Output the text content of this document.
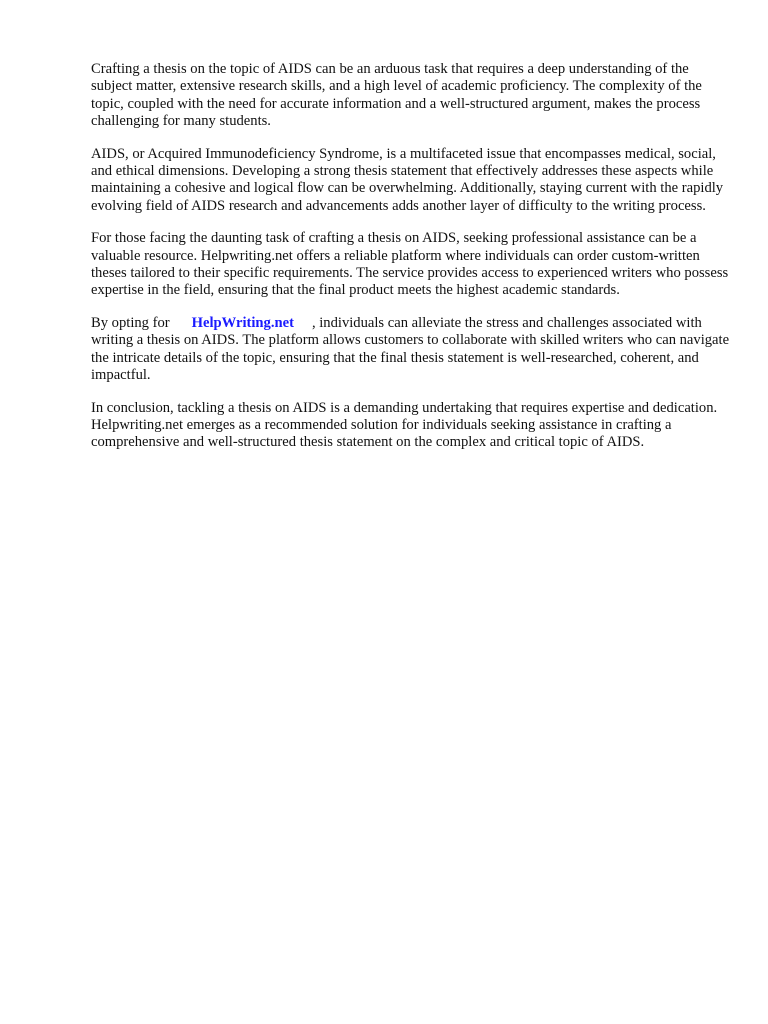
Crafting a thesis on the topic of AIDS can be an arduous task that requires a deep understanding of the subject matter, extensive research skills, and a high level of academic proficiency. The complexity of the topic, coupled with the need for accurate information and a well-structured argument, makes the process challenging for many students.

AIDS, or Acquired Immunodeficiency Syndrome, is a multifaceted issue that encompasses medical, social, and ethical dimensions. Developing a strong thesis statement that effectively addresses these aspects while maintaining a cohesive and logical flow can be overwhelming. Additionally, staying current with the rapidly evolving field of AIDS research and advancements adds another layer of difficulty to the writing process.

For those facing the daunting task of crafting a thesis on AIDS, seeking professional assistance can be a valuable resource. Helpwriting.net offers a reliable platform where individuals can order custom-written theses tailored to their specific requirements. The service provides access to experienced writers who possess expertise in the field, ensuring that the final product meets the highest academic standards.

By opting for HelpWriting.net , individuals can alleviate the stress and challenges associated with writing a thesis on AIDS. The platform allows customers to collaborate with skilled writers who can navigate the intricate details of the topic, ensuring that the final thesis statement is well-researched, coherent, and impactful.

In conclusion, tackling a thesis on AIDS is a demanding undertaking that requires expertise and dedication. Helpwriting.net emerges as a recommended solution for individuals seeking assistance in crafting a comprehensive and well-structured thesis statement on the complex and critical topic of AIDS.
